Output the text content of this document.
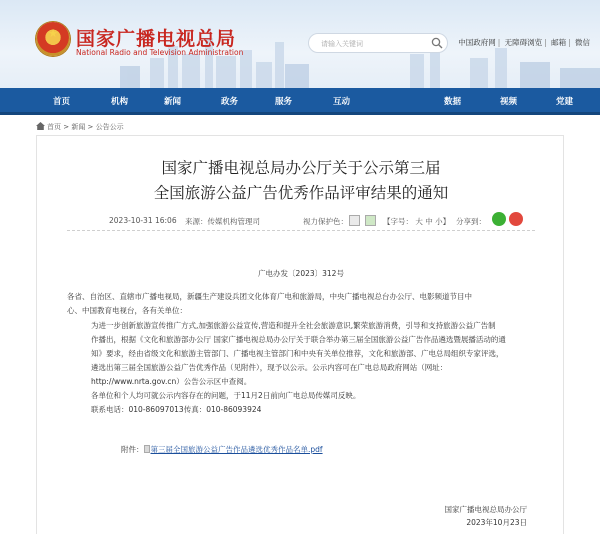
★ 国家广播电视总局
National Radio and Television Administration
请输入关键词
中国政府网 | 无障碍浏览 | 邮箱 | 微信
首页	机构	新闻	政务	服务	互动	数据	视频	党建
首页 > 新闻 > 公告公示
国家广播电视总局办公厅关于公示第三届
全国旅游公益广告优秀作品评审结果的通知
2023-10-31 16:06 来源：传媒机构管理司	视力保护色：	【字号： 大 中 小】 分享到：
广电办发〔2023〕312号
各省、自治区、直辖市广播电视局，新疆生产建设兵团文化体育广电和旅游局，中央广播电视总台办公厅、电影频道节目中
心、中国教育电视台，各有关单位：
为进一步创新旅游宣传推广方式,加强旅游公益宣传,营造和提升全社会旅游意识,繁荣旅游消费，引导和支持旅游公益广告制
作播出，根据《文化和旅游部办公厅 国家广播电视总局办公厅关于联合举办第三届全国旅游公益广告作品遴选暨展播活动的通
知》要求，经由省级文化和旅游主管部门、广播电视主管部门和中央有关单位推荐，文化和旅游部、广电总局组织专家评选，
遴选出第三届全国旅游公益广告优秀作品（见附件），现予以公示。公示内容可在广电总局政府网站（网址：
http://www.nrta.gov.cn）公告公示区中查阅。
各单位和个人均可就公示内容存在的问题，于11月2日前向广电总局传媒司反映。
联系电话：010-86097013传真：010-86093924
附件： 第三届全国旅游公益广告作品遴选优秀作品名单.pdf
国家广播电视总局办公厅
2023年10月23日
